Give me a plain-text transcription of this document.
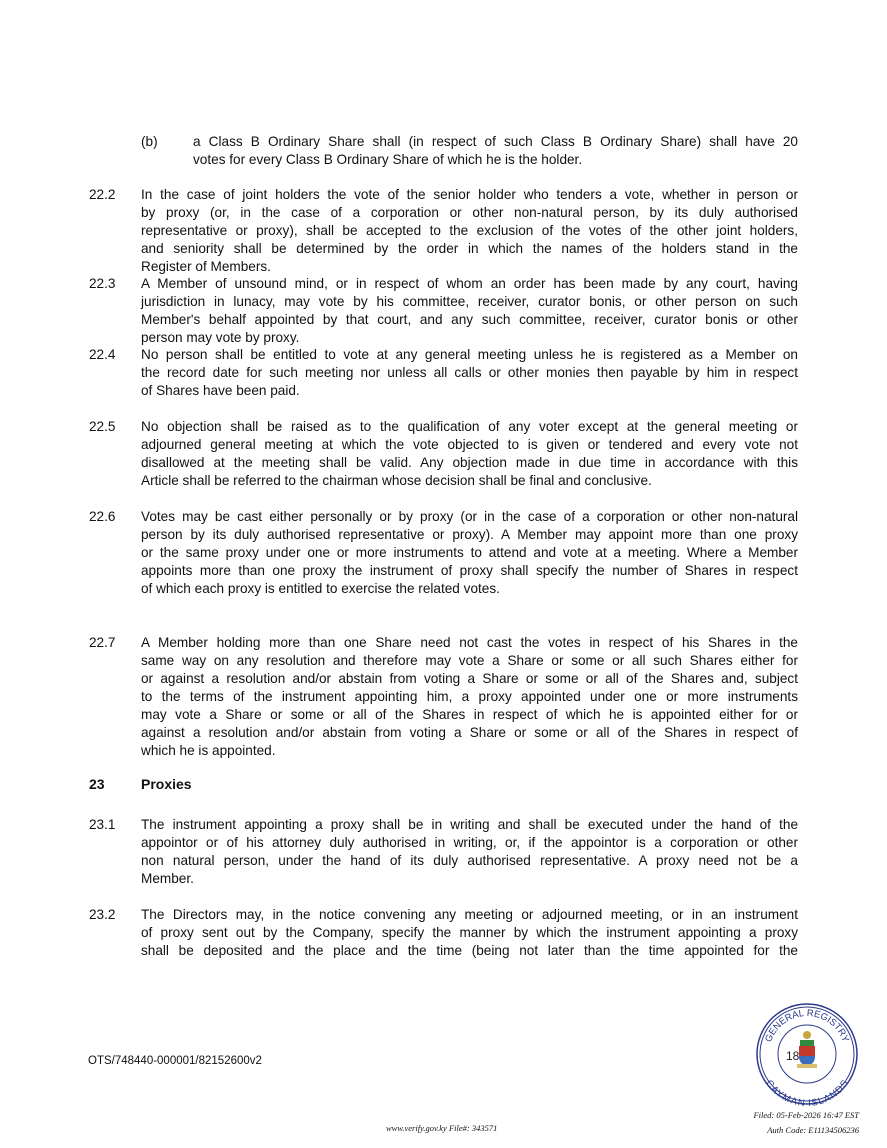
(b)	a Class B Ordinary Share shall (in respect of such Class B Ordinary Share) shall have 20
votes for every Class B Ordinary Share of which he is the holder.
22.2 In the case of joint holders the vote of the senior holder who tenders a vote, whether in person or
by proxy (or, in the case of a corporation or other non-natural person, by its duly authorised
representative or proxy), shall be accepted to the exclusion of the votes of the other joint holders,
and seniority shall be determined by the order in which the names of the holders stand in the
Register of Members.
22.3 A Member of unsound mind, or in respect of whom an order has been made by any court, having
jurisdiction in lunacy, may vote by his committee, receiver, curator bonis, or other person on such
Member's behalf appointed by that court, and any such committee, receiver, curator bonis or other
person may vote by proxy.
22.4 No person shall be entitled to vote at any general meeting unless he is registered as a Member on
the record date for such meeting nor unless all calls or other monies then payable by him in respect
of Shares have been paid.
22.5 No objection shall be raised as to the qualification of any voter except at the general meeting or
adjourned general meeting at which the vote objected to is given or tendered and every vote not
disallowed at the meeting shall be valid. Any objection made in due time in accordance with this
Article shall be referred to the chairman whose decision shall be final and conclusive.
22.6 Votes may be cast either personally or by proxy (or in the case of a corporation or other non-natural
person by its duly authorised representative or proxy). A Member may appoint more than one proxy
or the same proxy under one or more instruments to attend and vote at a meeting. Where a Member
appoints more than one proxy the instrument of proxy shall specify the number of Shares in respect
of which each proxy is entitled to exercise the related votes.
22.7 A Member holding more than one Share need not cast the votes in respect of his Shares in the
same way on any resolution and therefore may vote a Share or some or all such Shares either for
or against a resolution and/or abstain from voting a Share or some or all of the Shares and, subject
to the terms of the instrument appointing him, a proxy appointed under one or more instruments
may vote a Share or some or all of the Shares in respect of which he is appointed either for or
against a resolution and/or abstain from voting a Share or some or all of the Shares in respect of
which he is appointed.
23.1 The instrument appointing a proxy shall be in writing and shall be executed under the hand of the
appointor or of his attorney duly authorised in writing, or, if the appointor is a corporation or other
non natural person, under the hand of its duly authorised representative. A proxy need not be a
Member.
23.2 The Directors may, in the notice convening any meeting or adjourned meeting, or in an instrument
of proxy sent out by the Company, specify the manner by which the instrument appointing a proxy
shall be deposited and the place and the time (being not later than the time appointed for the
23	Proxies
OTS/748440-000001/82152600v2
www.verify.gov.ky File#: 343571
Filed: 05-Feb-2026 16:47 EST
Auth Code: E11134506236
GENERAL REGISTRY
CAYMAN ISLANDS
18
